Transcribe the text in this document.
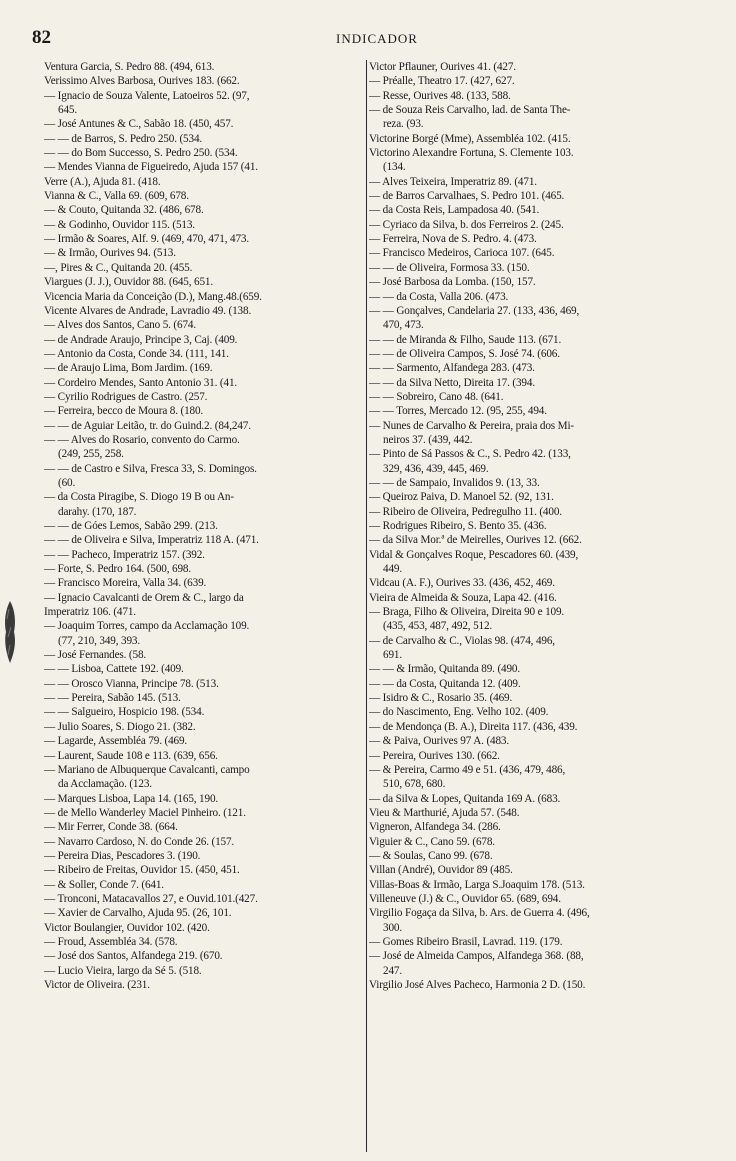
82	INDICADOR
Ventura Garcia, S. Pedro 88. (494, 613.
Verissimo Alves Barbosa, Ourives 183. (662.
— Ignacio de Souza Valente, Latoeiros 52. (97,
645.
— José Antunes & C., Sabão 18. (450, 457.
— — de Barros, S. Pedro 250. (534.
— — do Bom Successo, S. Pedro 250. (534.
— Mendes Vianna de Figueiredo, Ajuda 157 (41.
Verre (A.), Ajuda 81. (418.
Vianna & C., Valla 69. (609, 678.
— & Couto, Quitanda 32. (486, 678.
— & Godinho, Ouvidor 115. (513.
— Irmão & Soares, Alf. 9. (469, 470, 471, 473.
— & Irmão, Ourives 94. (513.
—, Pires & C., Quitanda 20. (455.
Viargues (J. J.), Ouvidor 88. (645, 651.
Vicencia Maria da Conceição (D.), Mang.48.(659.
Vicente Alvares de Andrade, Lavradio 49. (138.
— Alves dos Santos, Cano 5. (674.
— de Andrade Araujo, Principe 3, Caj. (409.
— Antonio da Costa, Conde 34. (111, 141.
— de Araujo Lima, Bom Jardim. (169.
— Cordeiro Mendes, Santo Antonio 31. (41.
— Cyrilio Rodrigues de Castro. (257.
— Ferreira, becco de Moura 8. (180.
— — de Aguiar Leitão, tr. do Guind.2. (84,247.
— — Alves do Rosario, convento do Carmo.
(249, 255, 258.
— — de Castro e Silva, Fresca 33, S. Domingos.
(60.
— da Costa Piragibe, S. Diogo 19 B ou An-
darahy. (170, 187.
— — de Góes Lemos, Sabão 299. (213.
— — de Oliveira e Silva, Imperatriz 118 A. (471.
— — Pacheco, Imperatriz 157. (392.
— Forte, S. Pedro 164. (500, 698.
— Francisco Moreira, Valla 34. (639.
— Ignacio Cavalcanti de Orem & C., largo da
Imperatriz 106. (471.
— Joaquim Torres, campo da Acclamação 109.
(77, 210, 349, 393.
— José Fernandes. (58.
— — Lisboa, Cattete 192. (409.
— — Orosco Vianna, Principe 78. (513.
— — Pereira, Sabão 145. (513.
— — Salgueiro, Hospicio 198. (534.
— Julio Soares, S. Diogo 21. (382.
— Lagarde, Assembléa 79. (469.
— Laurent, Saude 108 e 113. (639, 656.
— Mariano de Albuquerque Cavalcanti, campo
da Acclamação. (123.
— Marques Lisboa, Lapa 14. (165, 190.
— de Mello Wanderley Maciel Pinheiro. (121.
— Mir Ferrer, Conde 38. (664.
— Navarro Cardoso, N. do Conde 26. (157.
— Pereira Dias, Pescadores 3. (190.
— Ribeiro de Freitas, Ouvidor 15. (450, 451.
— & Soller, Conde 7. (641.
— Tronconi, Matacavallos 27, e Ouvid.101.(427.
— Xavier de Carvalho, Ajuda 95. (26, 101.
Victor Boulangier, Ouvidor 102. (420.
— Froud, Assembléa 34. (578.
— José dos Santos, Alfandega 219. (670.
— Lucio Vieira, largo da Sé 5. (518.
Victor de Oliveira. (231.
Victor Pflauner, Ourives 41. (427.
— Préalle, Theatro 17. (427, 627.
— Resse, Ourives 48. (133, 588.
— de Souza Reis Carvalho, lad. de Santa The-
reza. (93.
Victorine Borgé (Mme), Assembléa 102. (415.
Victorino Alexandre Fortuna, S. Clemente 103.
(134.
— Alves Teixeira, Imperatriz 89. (471.
— de Barros Carvalhaes, S. Pedro 101. (465.
— da Costa Reis, Lampadosa 40. (541.
— Cyriaco da Silva, b. dos Ferreiros 2. (245.
— Ferreira, Nova de S. Pedro. 4. (473.
— Francisco Medeiros, Carioca 107. (645.
— — de Oliveira, Formosa 33. (150.
— José Barbosa da Lomba. (150, 157.
— — da Costa, Valla 206. (473.
— — Gonçalves, Candelaria 27. (133, 436, 469,
470, 473.
— — de Miranda & Filho, Saude 113. (671.
— — de Oliveira Campos, S. José 74. (606.
— — Sarmento, Alfandega 283. (473.
— — da Silva Netto, Direita 17. (394.
— — Sobreiro, Cano 48. (641.
— — Torres, Mercado 12. (95, 255, 494.
— Nunes de Carvalho & Pereira, praia dos Mi-
neiros 37. (439, 442.
— Pinto de Sá Passos & C., S. Pedro 42. (133,
329, 436, 439, 445, 469.
— — de Sampaio, Invalidos 9. (13, 33.
— Queiroz Paiva, D. Manoel 52. (92, 131.
— Ribeiro de Oliveira, Pedregulho 11. (400.
— Rodrigues Ribeiro, S. Bento 35. (436.
— da Silva Mor.ª de Meirelles, Ourives 12. (662.
Vidal & Gonçalves Roque, Pescadores 60. (439,
449.
Vidcau (A. F.), Ourives 33. (436, 452, 469.
Vieira de Almeida & Souza, Lapa 42. (416.
— Braga, Filho & Oliveira, Direita 90 e 109.
(435, 453, 487, 492, 512.
— de Carvalho & C., Violas 98. (474, 496,
691.
— — & Irmão, Quitanda 89. (490.
— — da Costa, Quitanda 12. (409.
— Isidro & C., Rosario 35. (469.
— do Nascimento, Eng. Velho 102. (409.
— de Mendonça (B. A.), Direita 117. (436, 439.
— & Paiva, Ourives 97 A. (483.
— Pereira, Ourives 130. (662.
— & Pereira, Carmo 49 e 51. (436, 479, 486,
510, 678, 680.
— da Silva & Lopes, Quitanda 169 A. (683.
Vieu & Marthurié, Ajuda 57. (548.
Vigneron, Alfandega 34. (286.
Viguier & C., Cano 59. (678.
— & Soulas, Cano 99. (678.
Villan (André), Ouvidor 89 (485.
Villas-Boas & Irmão, Larga S.Joaquim 178. (513.
Villeneuve (J.) & C., Ouvidor 65. (689, 694.
Virgilio Fogaça da Silva, b. Ars. de Guerra 4. (496,
300.
— Gomes Ribeiro Brasil, Lavrad. 119. (179.
— José de Almeida Campos, Alfandega 368. (88,
247.
Virgilio José Alves Pacheco, Harmonia 2 D. (150.
